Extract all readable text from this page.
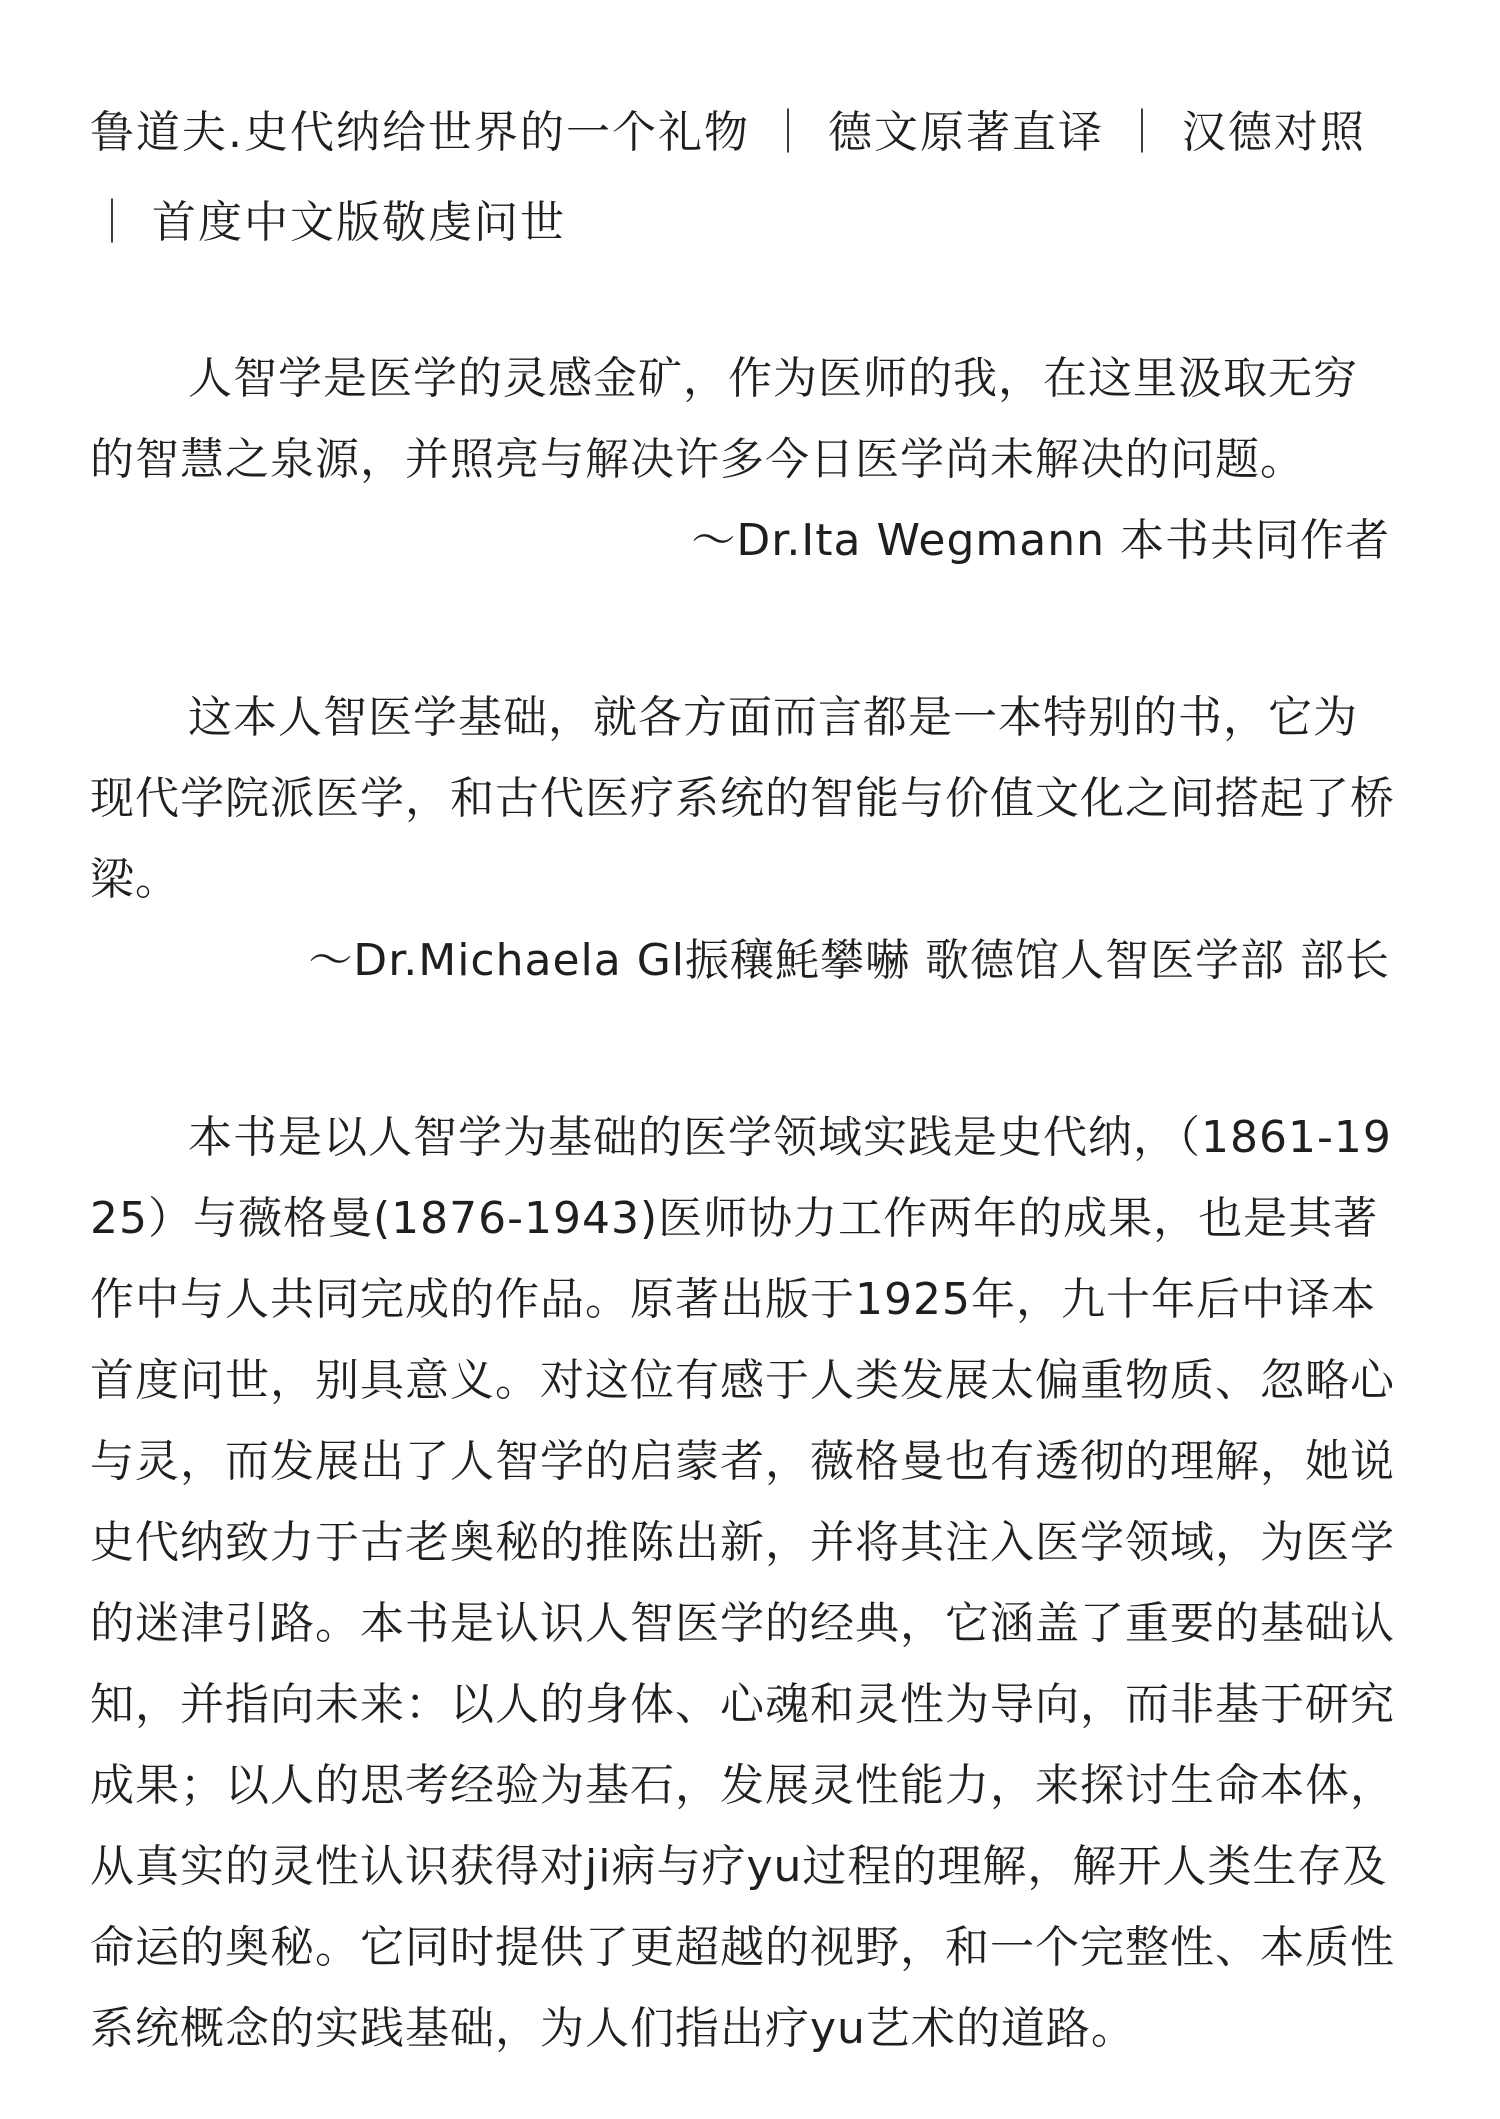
鲁道夫.史代纳给世界的一个礼物 ｜ 德文原著直译 ｜ 汉德对照 ｜ 首度中文版敬虔问世

人智学是医学的灵感金矿，作为医师的我，在这里汲取无穷的智慧之泉源，并照亮与解决许多今日医学尚未解决的问题。

～Dr.Ita Wegmann 本书共同作者

这本人智医学基础，就各方面而言都是一本特别的书，它为现代学院派医学，和古代医疗系统的智能与价值文化之间搭起了桥梁。

～Dr.Michaela Gl振穰魹攀嚇 歌德馆人智医学部 部长

本书是以人智学为基础的医学领域实践是史代纳，（1861-1925）与薇格曼(1876-1943)医师协力工作两年的成果，也是其著作中与人共同完成的作品。原著出版于1925年，九十年后中译本首度问世，别具意义。对这位有感于人类发展太偏重物质、忽略心与灵，而发展出了人智学的启蒙者，薇格曼也有透彻的理解，她说史代纳致力于古老奥秘的推陈出新，并将其注入医学领域，为医学的迷津引路。本书是认识人智医学的经典，它涵盖了重要的基础认知，并指向未来：以人的身体、心魂和灵性为导向，而非基于研究成果；以人的思考经验为基石，发展灵性能力，来探讨生命本体，从真实的灵性认识获得对ji病与疗yu过程的理解，解开人类生存及命运的奥秘。它同时提供了更超越的视野，和一个完整性、本质性系统概念的实践基础，为人们指出疗yu艺术的道路。
